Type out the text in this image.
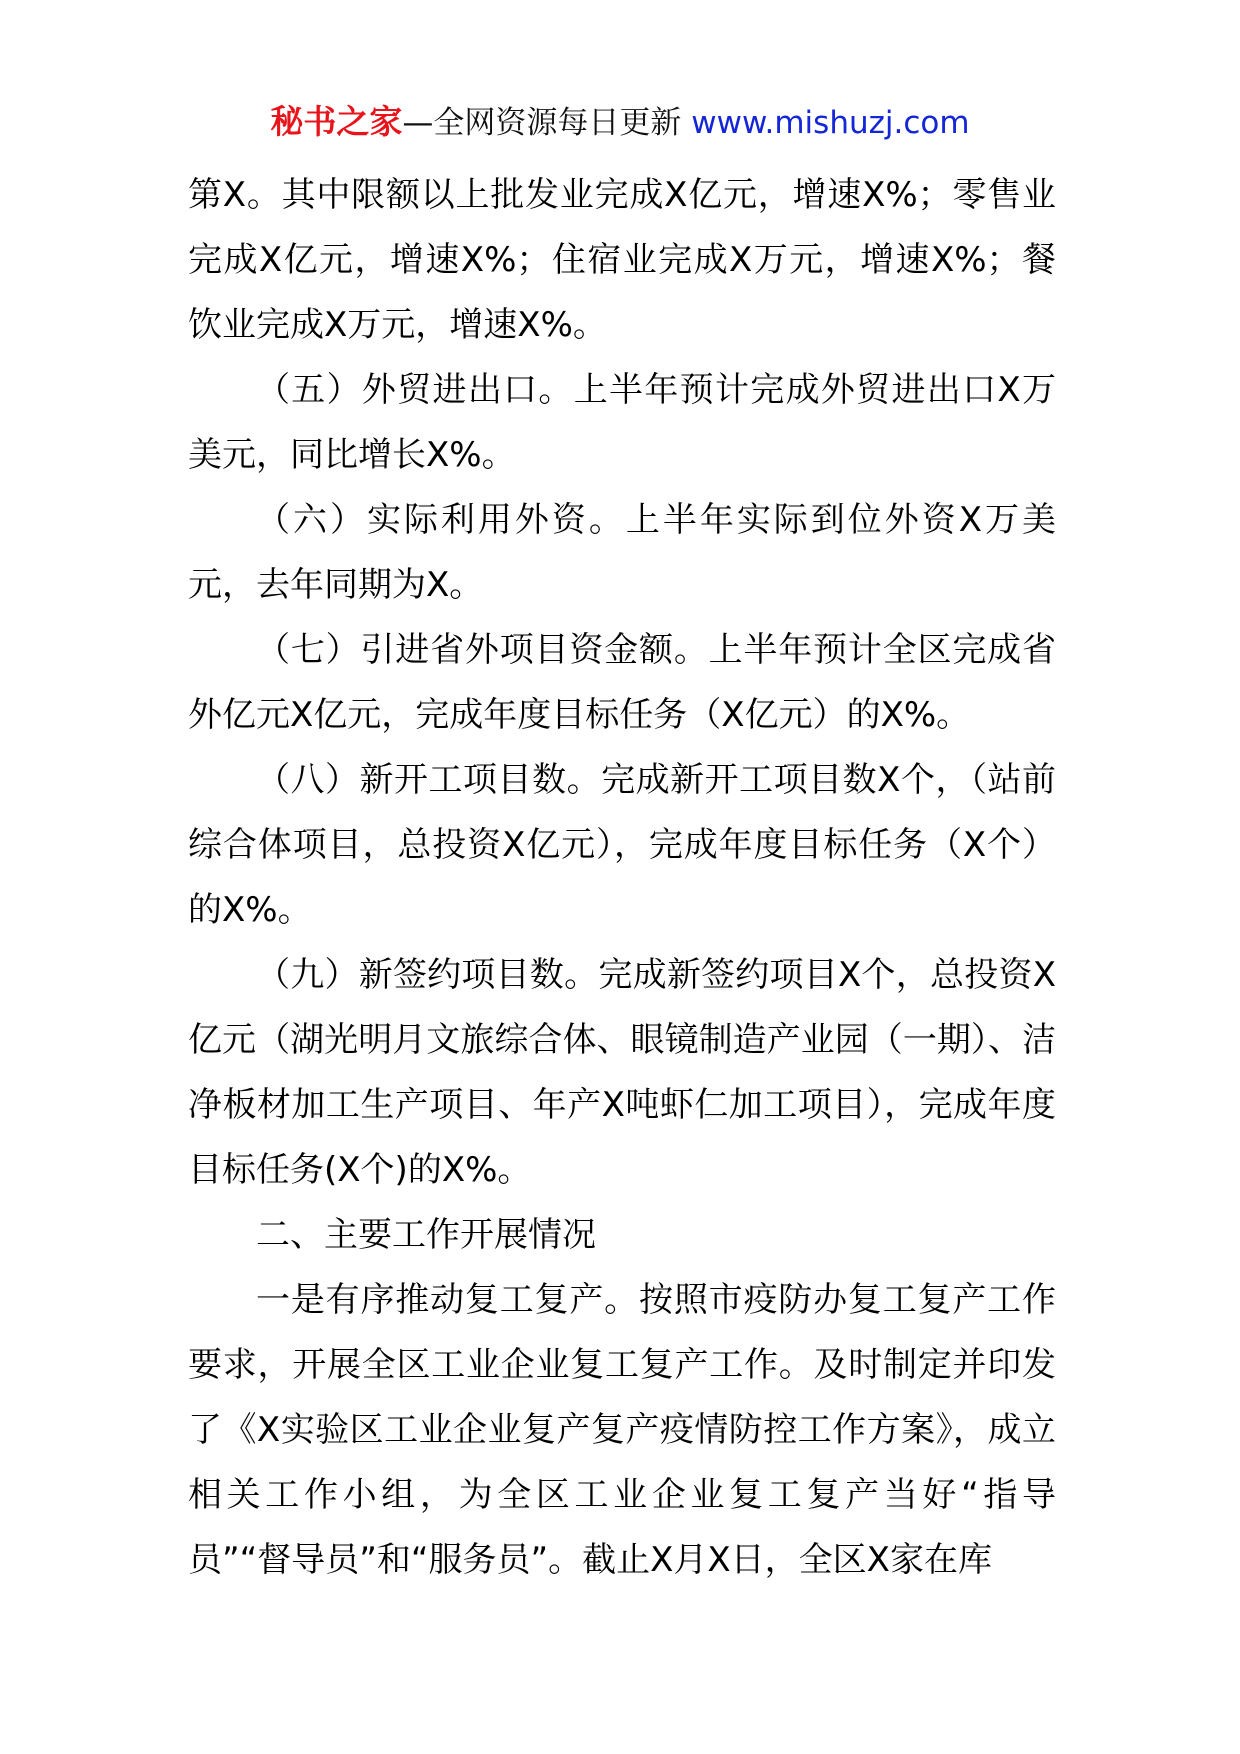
秘书之家—全网资源每日更新 www.mishuzj.com

第X。其中限额以上批发业完成X亿元，增速X%；零售业完成X亿元，增速X%；住宿业完成X万元，增速X%；餐饮业完成X万元，增速X%。

（五）外贸进出口。上半年预计完成外贸进出口X万美元，同比增长X%。

（六）实际利用外资。上半年实际到位外资X万美元，去年同期为X。

（七）引进省外项目资金额。上半年预计全区完成省外亿元X亿元，完成年度目标任务（X亿元）的X%。

（八）新开工项目数。完成新开工项目数X个，（站前综合体项目，总投资X亿元），完成年度目标任务（X个）的X%。

（九）新签约项目数。完成新签约项目X个，总投资X亿元（湖光明月文旅综合体、眼镜制造产业园（一期）、洁净板材加工生产项目、年产X吨虾仁加工项目），完成年度目标任务(X个)的X%。

二、主要工作开展情况

一是有序推动复工复产。按照市疫防办复工复产工作要求，开展全区工业企业复工复产工作。及时制定并印发了《X实验区工业企业复产复产疫情防控工作方案》，成立相关工作小组，为全区工业企业复工复产当好“指导员”“督导员”和“服务员”。截止X月X日，全区X家在库
